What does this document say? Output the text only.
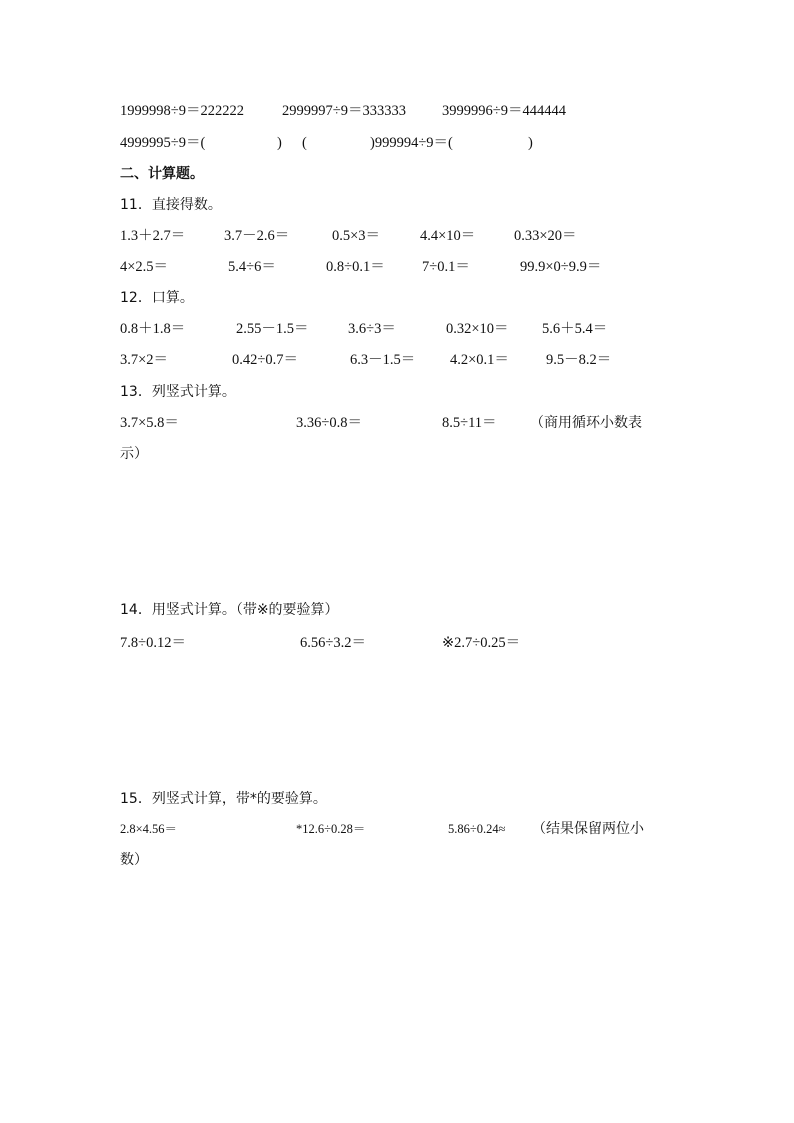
1999998÷9＝222222	2999997÷9＝333333 3999996÷9＝444444
4999995÷9＝(	) (	)999994÷9＝(	)
二、计算题。
11．直接得数。
1.3＋2.7＝	3.7－2.6＝	0.5×3＝	4.4×10＝	0.33×20＝
4×2.5＝	5.4÷6＝	0.8÷0.1＝	7÷0.1＝	99.9×0÷9.9＝
12．口算。
0.8＋1.8＝	2.55－1.5＝	3.6÷3＝	0.32×10＝ 5.6＋5.4＝
3.7×2＝	0.42÷0.7＝	6.3－1.5＝ 4.2×0.1＝	9.5－8.2＝
13．列竖式计算。
3.7×5.8＝	3.36÷0.8＝	8.5÷11＝ （商用循环小数表
示）
14．用竖式计算。（带※的要验算）
7.8÷0.12＝	6.56÷3.2＝	※2.7÷0.25＝
15．列竖式计算，带*的要验算。
2.8×4.56＝	*12.6÷0.28＝	5.86÷0.24≈ （结果保留两位小
数）
